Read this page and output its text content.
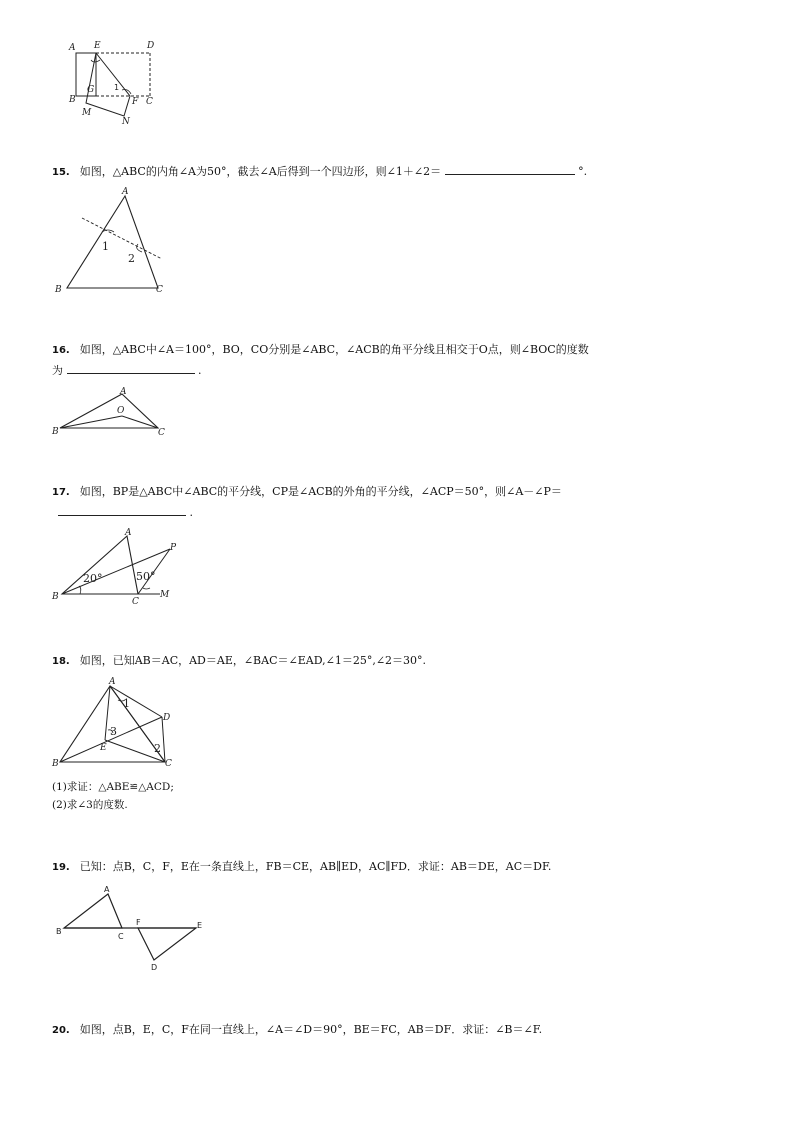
A E	D
B
G 1
F C
M
N
15. 如图，△ABC的内角∠A为50°，截去∠A后得到一个四边形，则∠1＋∠2＝	°.
A
B	C
1
2
16. 如图，△ABC中∠A＝100°，BO，CO分别是∠ABC，∠ACB的角平分线且相交于O点，则∠BOC的度数
为	.
A
O
B	C
17. 如图，BP是△ABC中∠ABC的平分线，CP是∠ACB的外角的平分线，∠ACP＝50°，则∠A－∠P＝
.
A
P
B	C
M
20°	50°
18. 如图，已知AB＝AC，AD＝AE，∠BAC＝∠EAD,∠1＝25°,∠2＝30°.
A
B	C
D
E
1
2
3
(1)求证：△ABE≌△ACD;
(2)求∠3的度数.
19. 已知：点B，C，F，E在一条直线上，FB＝CE，AB∥ED，AC∥FD．求证：AB＝DE，AC＝DF.
A
B
C
F	E
D
20. 如图，点B，E，C，F在同一直线上，∠A＝∠D＝90°，BE＝FC，AB＝DF．求证：∠B＝∠F.
